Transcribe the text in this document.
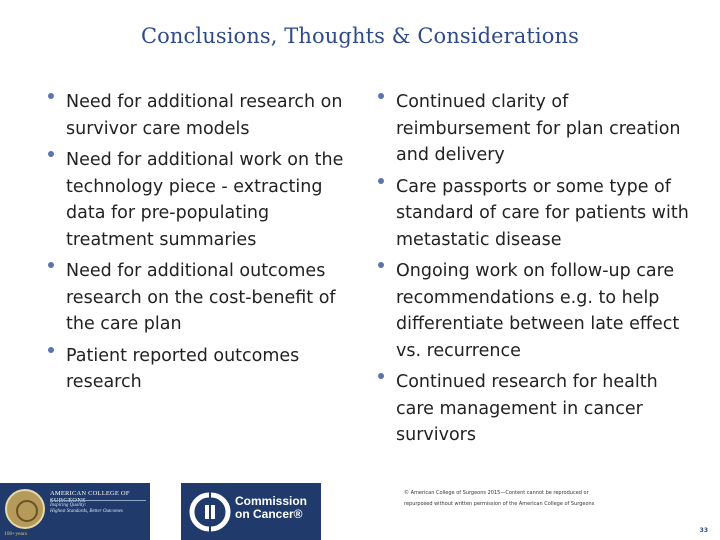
Conclusions, Thoughts & Considerations
Need for additional research on survivor care models
Need for additional work on the technology piece - extracting data for pre-populating treatment summaries
Need for additional outcomes research on the cost-benefit of the care plan
Patient reported outcomes research
Continued clarity of reimbursement for plan creation and delivery
Care passports or some type of standard of care for patients with metastatic disease
Ongoing work on follow-up care recommendations e.g. to help differentiate between late effect vs. recurrence
Continued research for health care management in cancer survivors
AMERICAN COLLEGE OF
Inspiring Quality:
Highest Standards, Better Outcomes
100+years
Commission
on Cancer®
© American College of Surgeons 2015—Content cannot be reproduced or
repurposed without written permission of the American College of Surgeons
33
